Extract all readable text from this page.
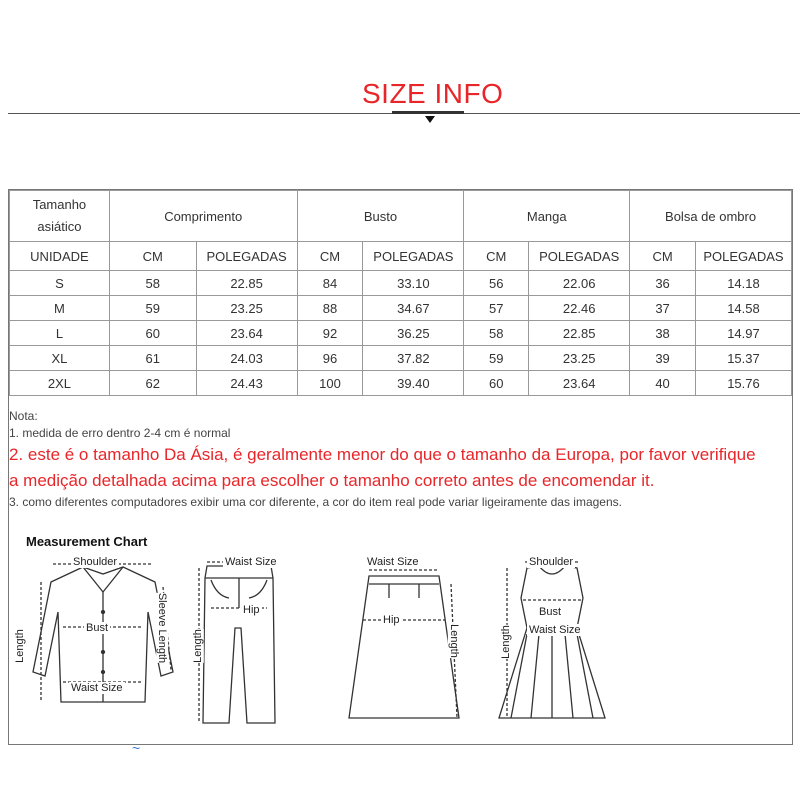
SIZE INFO
Tamanho asiático	Comprimento		Busto		Manga		Bolsa de ombro	
UNIDADE	CM	POLEGADAS	CM	POLEGADAS	CM	POLEGADAS	CM	POLEGADAS
S	58	22.85	84	33.10	56	22.06	36	14.18
M	59	23.25	88	34.67	57	22.46	37	14.58
L	60	23.64	92	36.25	58	22.85	38	14.97
XL	61	24.03	96	37.82	59	23.25	39	15.37
2XL	62	24.43	100	39.40	60	23.64	40	15.76
Nota:
1. medida de erro dentro 2-4 cm é normal
2. este é o tamanho Da Ásia, é geralmente menor do que o tamanho da Europa, por favor verifique
a medição detalhada acima para escolher o tamanho correto antes de encomendar it.
3. como diferentes computadores exibir uma cor diferente, a cor do item real pode variar ligeiramente das imagens.
Measurement Chart
Shoulder
Bust
Waist Size
Length	Sleeve Length
Waist Size
Hip
Length
Waist Size
Hip
Length
Shoulder
Bust
Waist Size
Length
~
